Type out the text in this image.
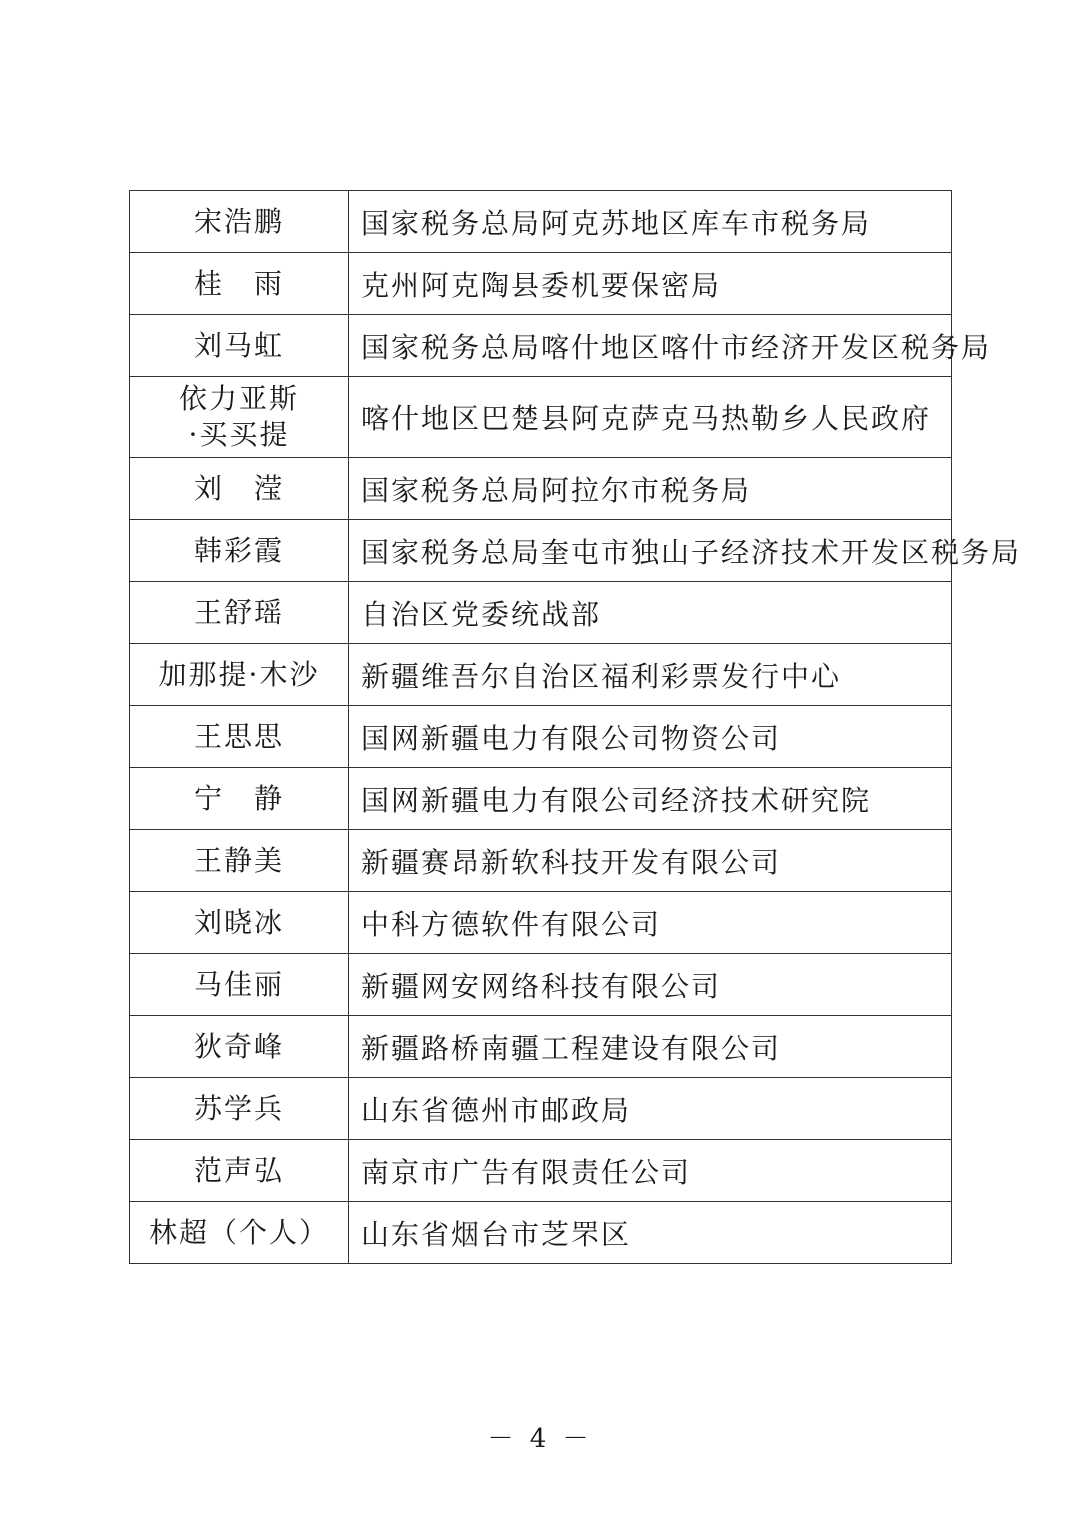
宋浩鹏	国家税务总局阿克苏地区库车市税务局
桂　雨	克州阿克陶县委机要保密局
刘马虹	国家税务总局喀什地区喀什市经济开发区税务局
依力亚斯
·买买提	喀什地区巴楚县阿克萨克马热勒乡人民政府
刘　滢	国家税务总局阿拉尔市税务局
韩彩霞	国家税务总局奎屯市独山子经济技术开发区税务局
王舒瑶	自治区党委统战部
加那提·木沙	新疆维吾尔自治区福利彩票发行中心
王思思	国网新疆电力有限公司物资公司
宁　静	国网新疆电力有限公司经济技术研究院
王静美	新疆赛昂新软科技开发有限公司
刘晓冰	中科方德软件有限公司
马佳丽	新疆网安网络科技有限公司
狄奇峰	新疆路桥南疆工程建设有限公司
苏学兵	山东省德州市邮政局
范声弘	南京市广告有限责任公司
林超（个人）	山东省烟台市芝罘区
－ 4 －
